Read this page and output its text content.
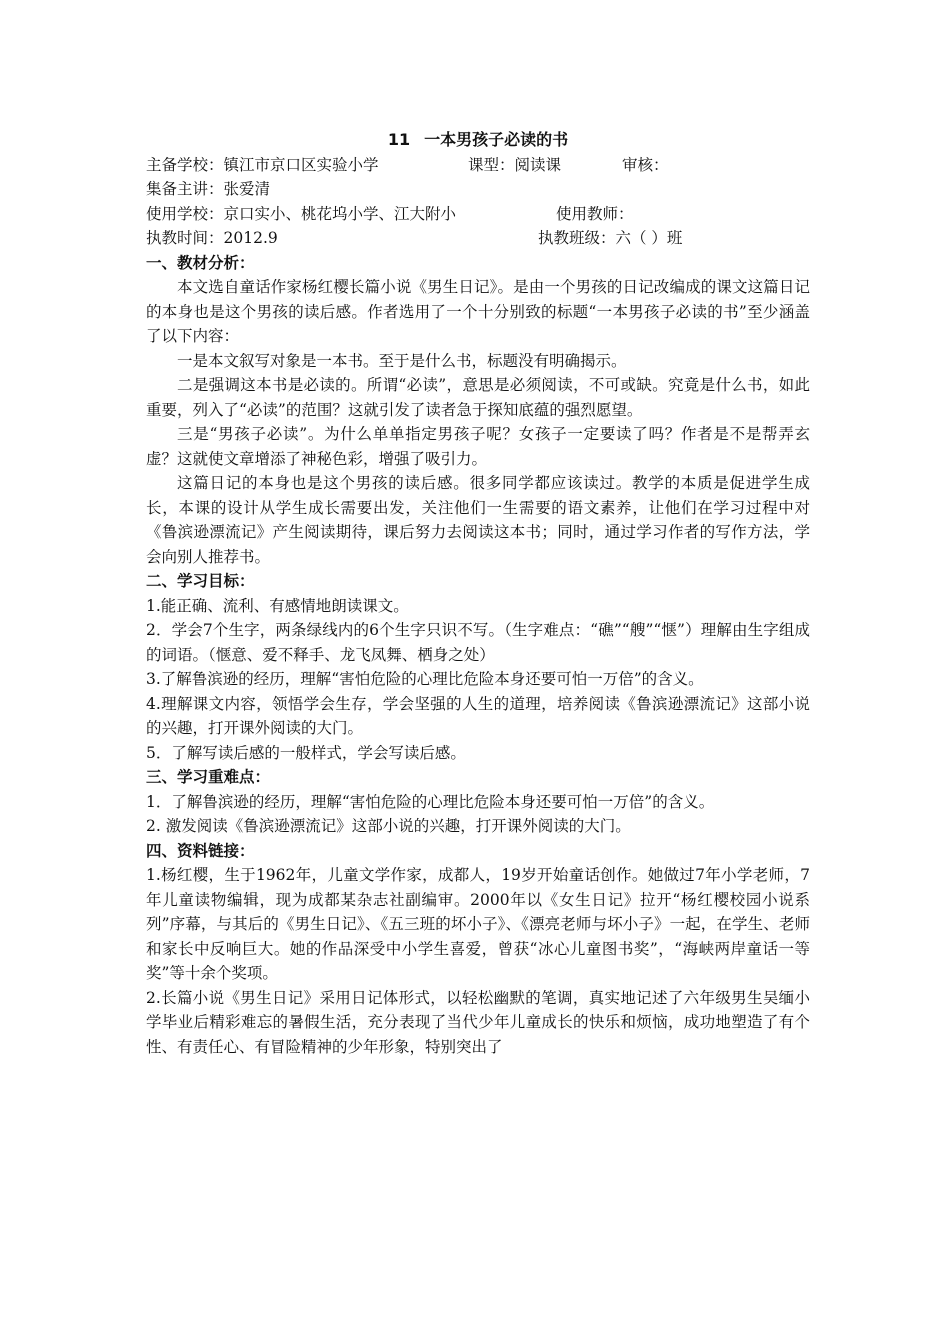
11 一本男孩子必读的书
主备学校：镇江市京口区实验小学	课型：阅读课	审核：
集备主讲：张爱清
使用学校：京口实小、桃花坞小学、江大附小	使用教师：
执教时间：2012.9	执教班级：六（ ）班
一、教材分析：

本文选自童话作家杨红樱长篇小说《男生日记》。是由一个男孩的日记改编成的课文这篇日记的本身也是这个男孩的读后感。作者选用了一个十分别致的标题“一本男孩子必读的书”至少涵盖了以下内容：

一是本文叙写对象是一本书。至于是什么书，标题没有明确揭示。

二是强调这本书是必读的。所谓“必读”，意思是必须阅读，不可或缺。究竟是什么书，如此重要，列入了“必读”的范围？这就引发了读者急于探知底蕴的强烈愿望。

三是“男孩子必读”。为什么单单指定男孩子呢？女孩子一定要读了吗？作者是不是帮弄玄虚？这就使文章增添了神秘色彩，增强了吸引力。

这篇日记的本身也是这个男孩的读后感。很多同学都应该读过。教学的本质是促进学生成长，本课的设计从学生成长需要出发，关注他们一生需要的语文素养，让他们在学习过程中对《鲁滨逊漂流记》产生阅读期待，课后努力去阅读这本书；同时，通过学习作者的写作方法，学会向别人推荐书。

二、学习目标：

1.能正确、流利、有感情地朗读课文。

2．学会7个生字，两条绿线内的6个生字只识不写。（生字难点：“礁”“艘”“惬”）理解由生字组成的词语。（惬意、爱不释手、龙飞凤舞、栖身之处）

3.了解鲁滨逊的经历，理解“害怕危险的心理比危险本身还要可怕一万倍”的含义。

4.理解课文内容，领悟学会生存，学会坚强的人生的道理，培养阅读《鲁滨逊漂流记》这部小说的兴趣，打开课外阅读的大门。

5．了解写读后感的一般样式，学会写读后感。

三、学习重难点：

1．了解鲁滨逊的经历，理解“害怕危险的心理比危险本身还要可怕一万倍”的含义。

2. 激发阅读《鲁滨逊漂流记》这部小说的兴趣，打开课外阅读的大门。

四、资料链接：

1.杨红樱，生于1962年，儿童文学作家，成都人，19岁开始童话创作。她做过7年小学老师，7年儿童读物编辑，现为成都某杂志社副编审。2000年以《女生日记》拉开“杨红樱校园小说系列”序幕，与其后的《男生日记》、《五三班的坏小子》、《漂亮老师与坏小子》一起，在学生、老师和家长中反响巨大。她的作品深受中小学生喜爱，曾获“冰心儿童图书奖”，“海峡两岸童话一等奖”等十余个奖项。

2.长篇小说《男生日记》采用日记体形式，以轻松幽默的笔调，真实地记述了六年级男生吴缅小学毕业后精彩难忘的暑假生活，充分表现了当代少年儿童成长的快乐和烦恼，成功地塑造了有个性、有责任心、有冒险精神的少年形象，特别突出了
